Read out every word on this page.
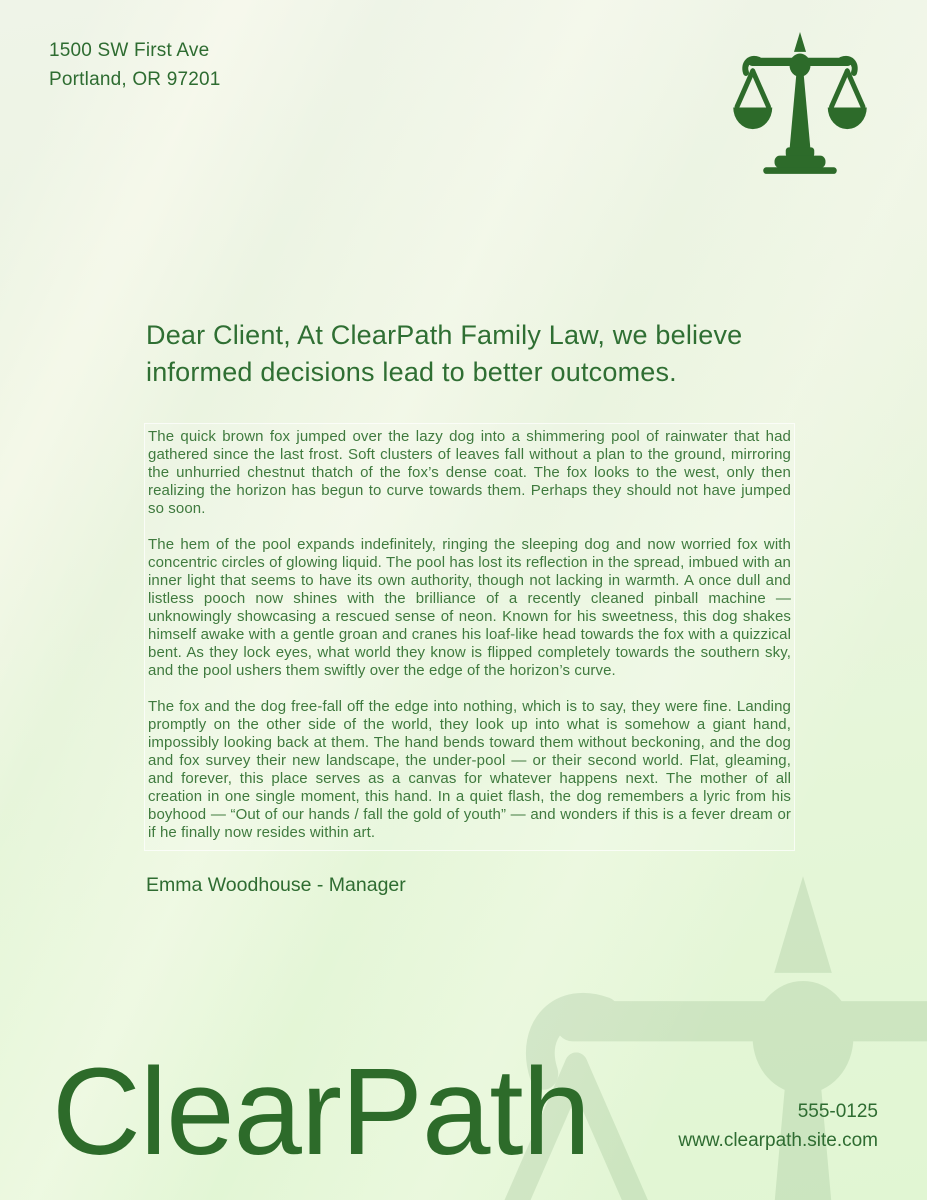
1500 SW First Ave
Portland, OR 97201
Dear Client, At ClearPath Family Law, we believe informed decisions lead to better outcomes.

The quick brown fox jumped over the lazy dog into a shimmering pool of rainwater that had gathered since the last frost. Soft clusters of leaves fall without a plan to the ground, mirroring the unhurried chestnut thatch of the fox’s dense coat. The fox looks to the west, only then realizing the horizon has begun to curve towards them. Perhaps they should not have jumped so soon.

The hem of the pool expands indefinitely, ringing the sleeping dog and now worried fox with concentric circles of glowing liquid. The pool has lost its reflection in the spread, imbued with an inner light that seems to have its own authority, though not lacking in warmth. A once dull and listless pooch now shines with the brilliance of a recently cleaned pinball machine — unknowingly showcasing a rescued sense of neon. Known for his sweetness, this dog shakes himself awake with a gentle groan and cranes his loaf-like head towards the fox with a quizzical bent. As they lock eyes, what world they know is flipped completely towards the southern sky, and the pool ushers them swiftly over the edge of the horizon’s curve.

The fox and the dog free-fall off the edge into nothing, which is to say, they were fine. Landing promptly on the other side of the world, they look up into what is somehow a giant hand, impossibly looking back at them. The hand bends toward them without beckoning, and the dog and fox survey their new landscape, the under-pool — or their second world. Flat, gleaming, and forever, this place serves as a canvas for whatever happens next. The mother of all creation in one single moment, this hand. In a quiet flash, the dog remembers a lyric from his boyhood — “Out of our hands / fall the gold of youth” — and wonders if this is a fever dream or if he finally now resides within art.

Emma Woodhouse - Manager
ClearPath	555-0125
www.clearpath.site.com
